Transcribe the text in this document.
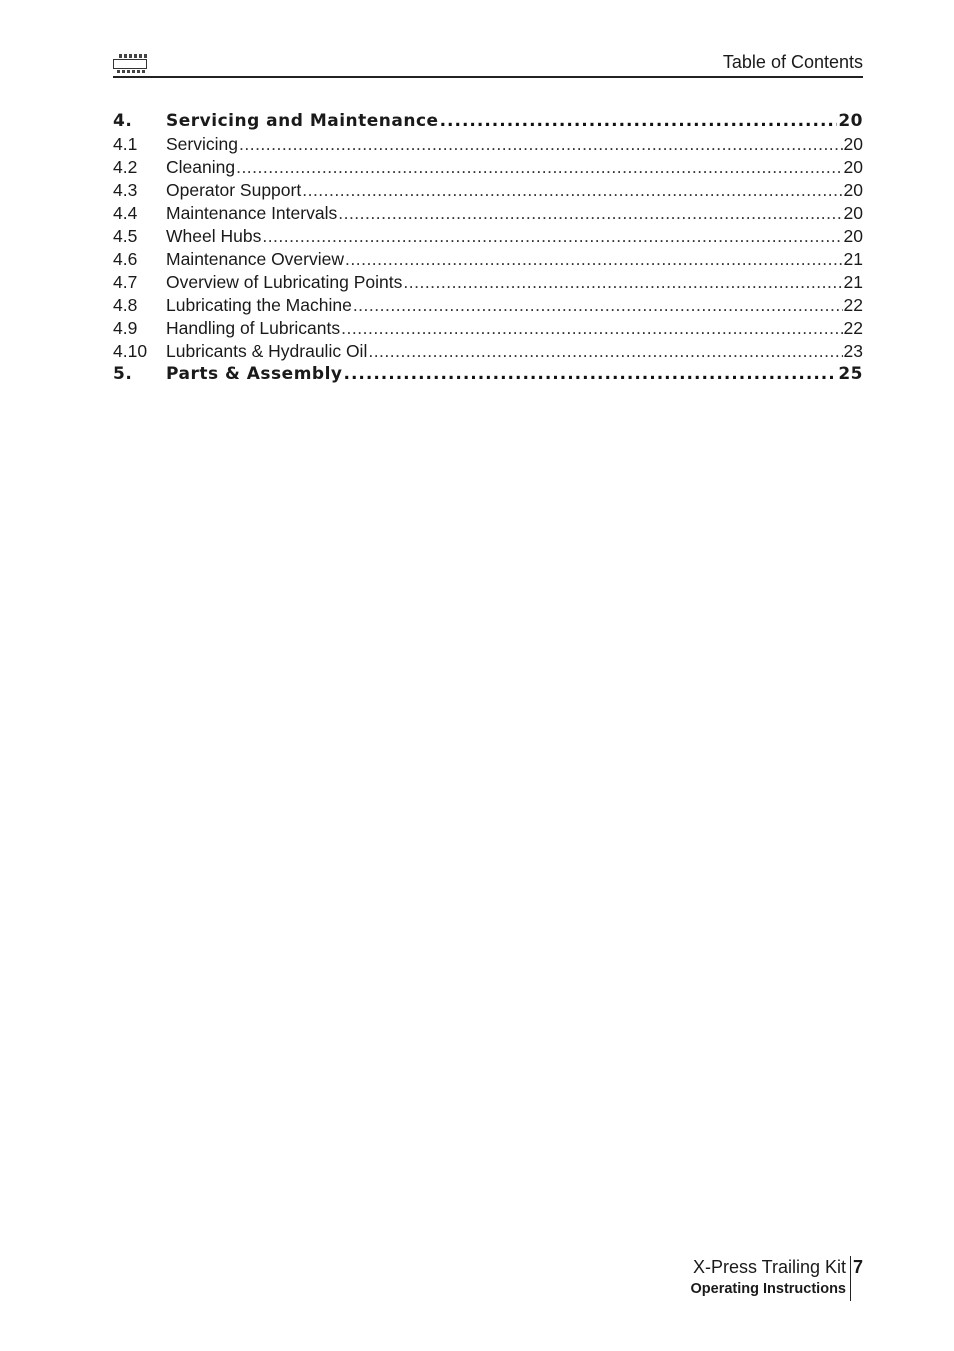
Table of Contents
4.	Servicing and Maintenance .....	20
4.1	Servicing .....	20
4.2	Cleaning .....	20
4.3	Operator Support .....	20
4.4	Maintenance Intervals .....	20
4.5	Wheel Hubs .....	20
4.6	Maintenance Overview .....	21
4.7	Overview of Lubricating Points .....	21
4.8	Lubricating the Machine .....	22
4.9	Handling of Lubricants .....	22
4.10	Lubricants & Hydraulic Oil .....	23
5.	Parts & Assembly .....	25
X-Press Trailing Kit
Operating Instructions
7
